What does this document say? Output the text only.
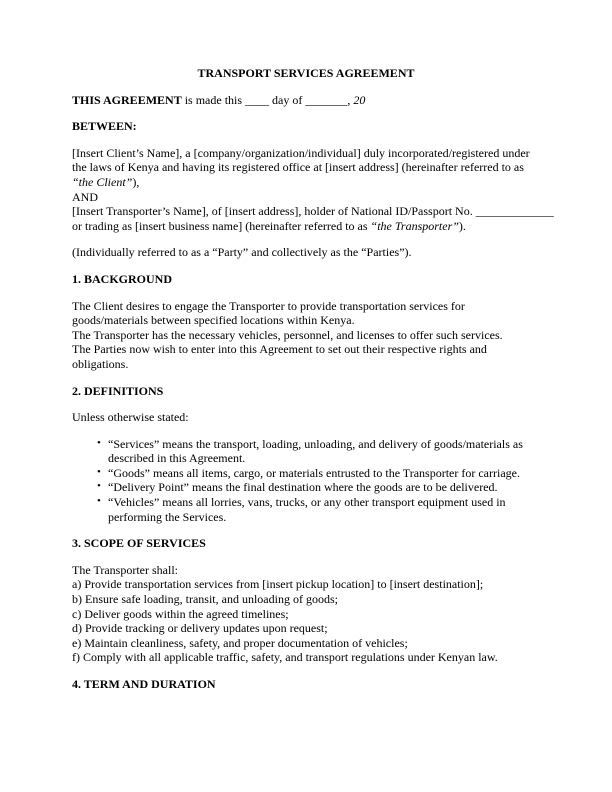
TRANSPORT SERVICES AGREEMENT
THIS AGREEMENT is made this ____ day of _______, 20
BETWEEN:
[Insert Client’s Name], a [company/organization/individual] duly incorporated/registered under
the laws of Kenya and having its registered office at [insert address] (hereinafter referred to as
“the Client”),
AND
[Insert Transporter’s Name], of [insert address], holder of National ID/Passport No. _____________
or trading as [insert business name] (hereinafter referred to as “the Transporter”).
(Individually referred to as a “Party” and collectively as the “Parties”).
1. BACKGROUND
The Client desires to engage the Transporter to provide transportation services for
goods/materials between specified locations within Kenya.
The Transporter has the necessary vehicles, personnel, and licenses to offer such services.
The Parties now wish to enter into this Agreement to set out their respective rights and
obligations.
2. DEFINITIONS
Unless otherwise stated:
• “Services” means the transport, loading, unloading, and delivery of goods/materials as
described in this Agreement.
• “Goods” means all items, cargo, or materials entrusted to the Transporter for carriage.
• “Delivery Point” means the final destination where the goods are to be delivered.
• “Vehicles” means all lorries, vans, trucks, or any other transport equipment used in
performing the Services.
3. SCOPE OF SERVICES
The Transporter shall:
a) Provide transportation services from [insert pickup location] to [insert destination];
b) Ensure safe loading, transit, and unloading of goods;
c) Deliver goods within the agreed timelines;
d) Provide tracking or delivery updates upon request;
e) Maintain cleanliness, safety, and proper documentation of vehicles;
f) Comply with all applicable traffic, safety, and transport regulations under Kenyan law.
4. TERM AND DURATION
